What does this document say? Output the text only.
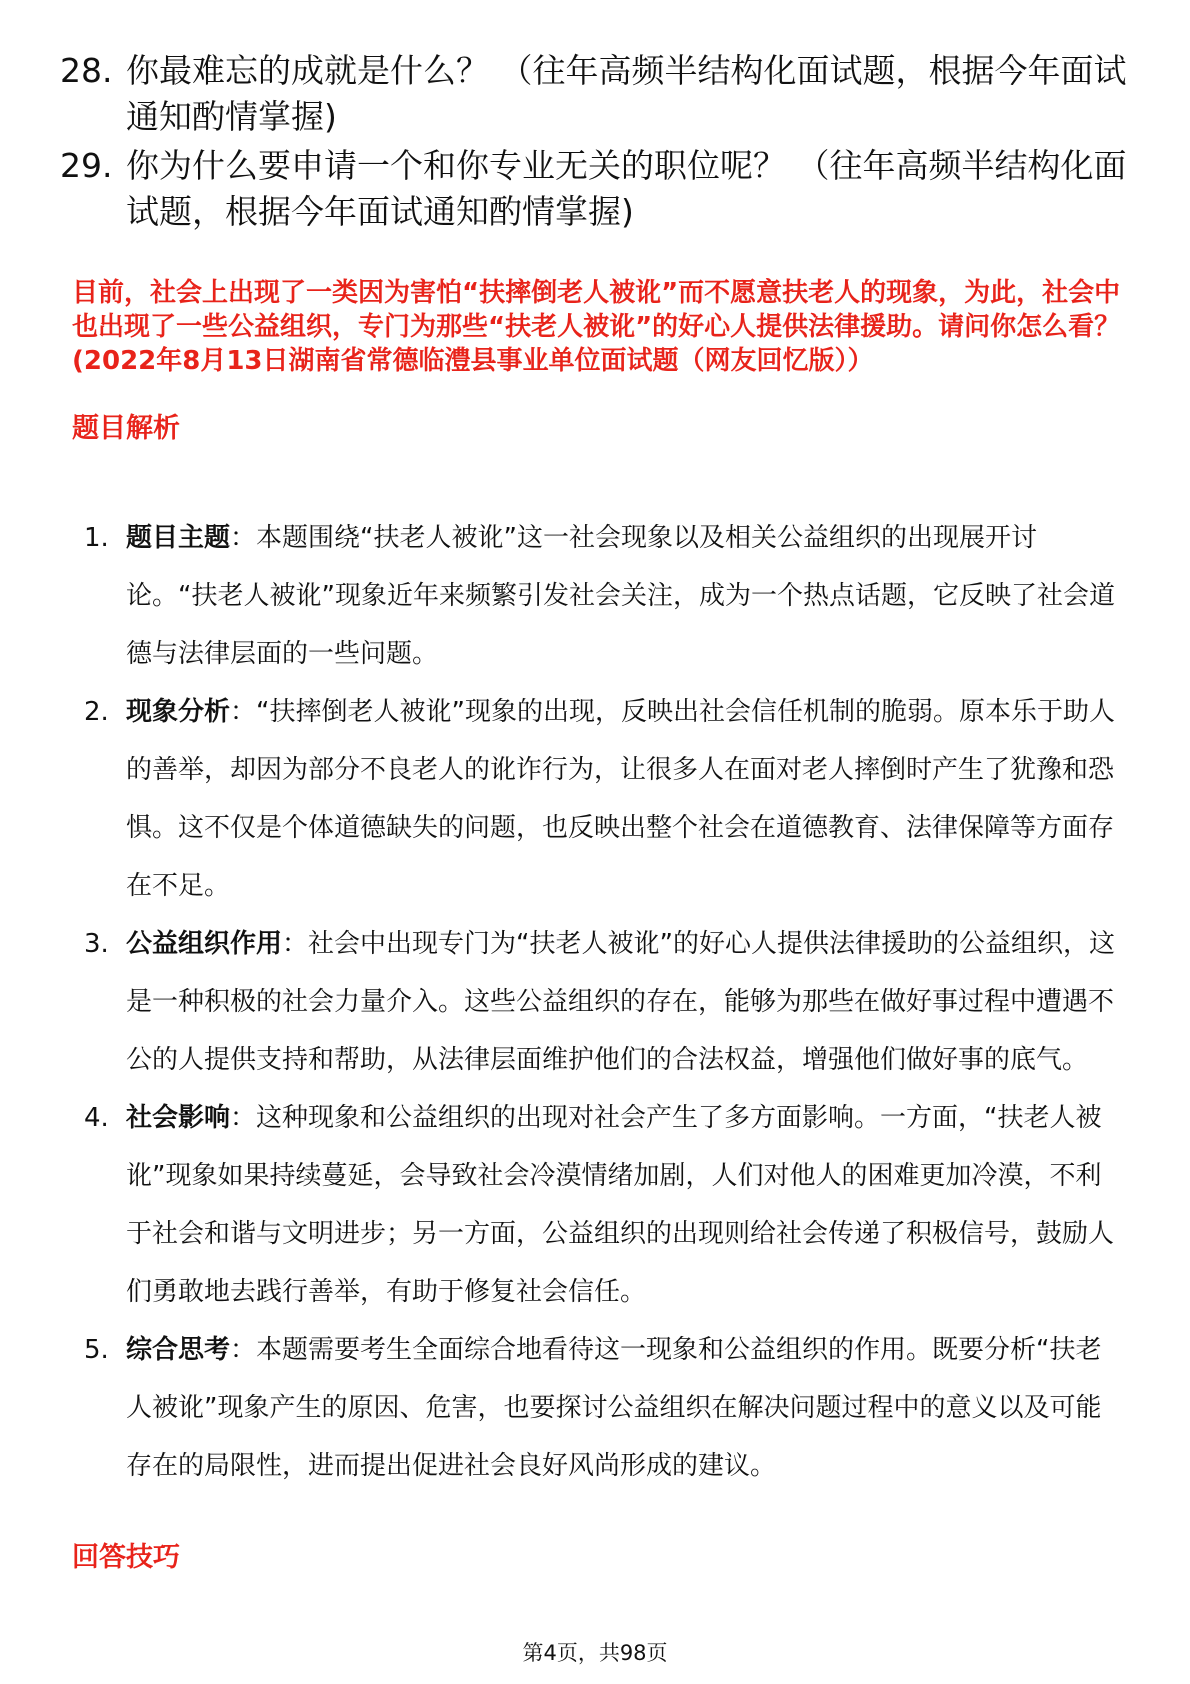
28. 你最难忘的成就是什么？ （往年高频半结构化面试题，根据今年面试通知酌情掌握)
29. 你为什么要申请一个和你专业无关的职位呢？ （往年高频半结构化面试题，根据今年面试通知酌情掌握)
目前，社会上出现了一类因为害怕“扶摔倒老人被讹”而不愿意扶老人的现象，为此，社会中也出现了一些公益组织，专门为那些“扶老人被讹”的好心人提供法律援助。请问你怎么看？(2022年8月13日湖南省常德临澧县事业单位面试题（网友回忆版））
题目解析
1. 题目主题：本题围绕“扶老人被讹”这一社会现象以及相关公益组织的出现展开讨论。“扶老人被讹”现象近年来频繁引发社会关注，成为一个热点话题，它反映了社会道德与法律层面的一些问题。
2. 现象分析：“扶摔倒老人被讹”现象的出现，反映出社会信任机制的脆弱。原本乐于助人的善举，却因为部分不良老人的讹诈行为，让很多人在面对老人摔倒时产生了犹豫和恐惧。这不仅是个体道德缺失的问题，也反映出整个社会在道德教育、法律保障等方面存在不足。
3. 公益组织作用：社会中出现专门为“扶老人被讹”的好心人提供法律援助的公益组织，这是一种积极的社会力量介入。这些公益组织的存在，能够为那些在做好事过程中遭遇不公的人提供支持和帮助，从法律层面维护他们的合法权益，增强他们做好事的底气。
4. 社会影响：这种现象和公益组织的出现对社会产生了多方面影响。一方面，“扶老人被讹”现象如果持续蔓延，会导致社会冷漠情绪加剧，人们对他人的困难更加冷漠，不利于社会和谐与文明进步；另一方面，公益组织的出现则给社会传递了积极信号，鼓励人们勇敢地去践行善举，有助于修复社会信任。
5. 综合思考：本题需要考生全面综合地看待这一现象和公益组织的作用。既要分析“扶老人被讹”现象产生的原因、危害，也要探讨公益组织在解决问题过程中的意义以及可能存在的局限性，进而提出促进社会良好风尚形成的建议。
回答技巧
第4页，共98页
